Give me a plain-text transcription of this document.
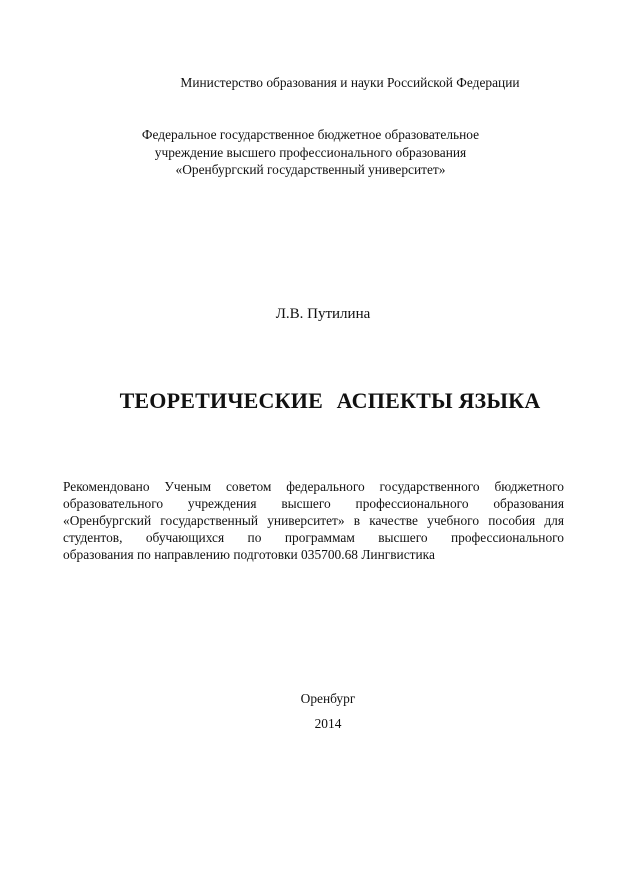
Министерство образования и науки Российской Федерации
Федеральное государственное бюджетное образовательное
учреждение высшего профессионального образования
«Оренбургский государственный университет»
Л.В. Путилина
ТЕОРЕТИЧЕСКИЕ АСПЕКТЫ ЯЗЫКА
Рекомендовано Ученым советом федерального государственного бюджетного
образовательного учреждения высшего профессионального образования
«Оренбургский государственный университет» в качестве учебного пособия для
студентов, обучающихся по программам высшего профессионального
образования по направлению подготовки 035700.68 Лингвистика
Оренбург
2014
